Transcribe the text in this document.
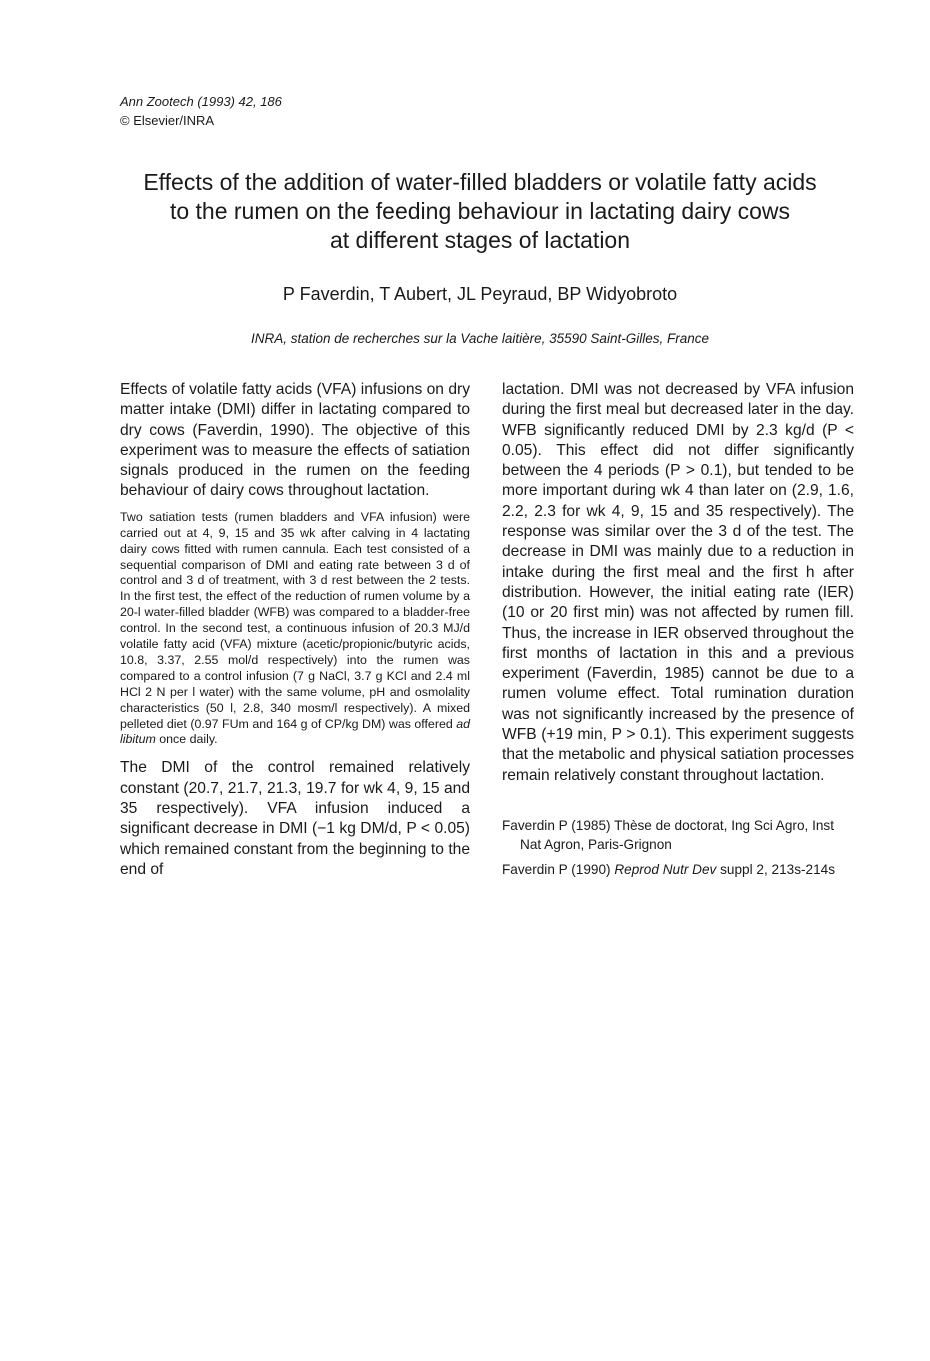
Ann Zootech (1993) 42, 186
© Elsevier/INRA
Effects of the addition of water-filled bladders or volatile fatty acids
to the rumen on the feeding behaviour in lactating dairy cows
at different stages of lactation
P Faverdin, T Aubert, JL Peyraud, BP Widyobroto
INRA, station de recherches sur la Vache laitière, 35590 Saint-Gilles, France

Effects of volatile fatty acids (VFA) infusions on dry matter intake (DMI) differ in lactating compared to dry cows (Faverdin, 1990). The objective of this experiment was to measure the effects of satiation signals produced in the rumen on the feeding behaviour of dairy cows throughout lactation.

Two satiation tests (rumen bladders and VFA infusion) were carried out at 4, 9, 15 and 35 wk after calving in 4 lactating dairy cows fitted with rumen cannula. Each test consisted of a sequential comparison of DMI and eating rate between 3 d of control and 3 d of treatment, with 3 d rest between the 2 tests. In the first test, the effect of the reduction of rumen volume by a 20-l water-filled bladder (WFB) was compared to a bladder-free control. In the second test, a continuous infusion of 20.3 MJ/d volatile fatty acid (VFA) mixture (acetic/propionic/butyric acids, 10.8, 3.37, 2.55 mol/d respectively) into the rumen was compared to a control infusion (7 g NaCl, 3.7 g KCl and 2.4 ml HCl 2 N per l water) with the same volume, pH and osmolality characteristics (50 l, 2.8, 340 mosm/l respectively). A mixed pelleted diet (0.97 FUm and 164 g of CP/kg DM) was offered ad libitum once daily.

The DMI of the control remained relatively constant (20.7, 21.7, 21.3, 19.7 for wk 4, 9, 15 and 35 respectively). VFA infusion induced a significant decrease in DMI (−1 kg DM/d, P < 0.05) which remained constant from the beginning to the end of

lactation. DMI was not decreased by VFA infusion during the first meal but decreased later in the day. WFB significantly reduced DMI by 2.3 kg/d (P < 0.05). This effect did not differ significantly between the 4 periods (P > 0.1), but tended to be more important during wk 4 than later on (2.9, 1.6, 2.2, 2.3 for wk 4, 9, 15 and 35 respectively). The response was similar over the 3 d of the test. The decrease in DMI was mainly due to a reduction in intake during the first meal and the first h after distribution. However, the initial eating rate (IER) (10 or 20 first min) was not affected by rumen fill. Thus, the increase in IER observed throughout the first months of lactation in this and a previous experiment (Faverdin, 1985) cannot be due to a rumen volume effect. Total rumination duration was not significantly increased by the presence of WFB (+19 min, P > 0.1). This experiment suggests that the metabolic and physical satiation processes remain relatively constant throughout lactation.

Faverdin P (1985) Thèse de doctorat, Ing Sci Agro, Inst Nat Agron, Paris-Grignon

Faverdin P (1990) Reprod Nutr Dev suppl 2, 213s-214s
